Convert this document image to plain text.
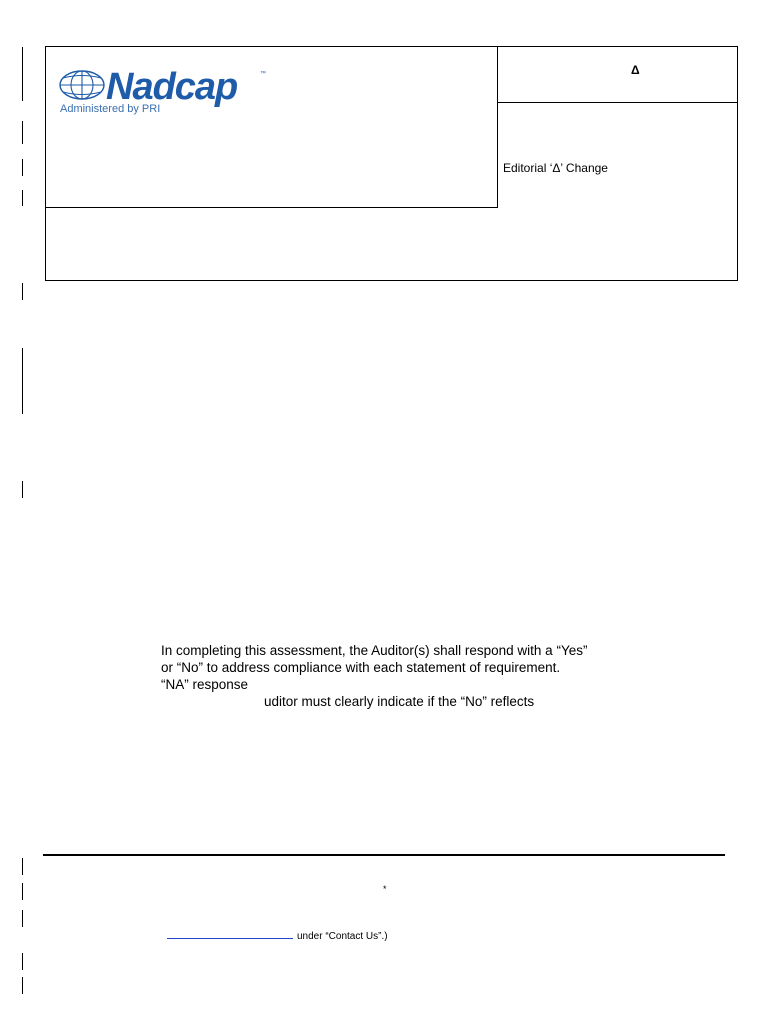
Nadcap	™
Administered by PRI
Δ
Editorial ‘Δ’ Change
In completing this assessment, the Auditor(s) shall respond with a “Yes”
or “No” to address compliance with each statement of requirement.
“NA” response
uditor must clearly indicate if the “No” reflects
*
under “Contact Us”.)
